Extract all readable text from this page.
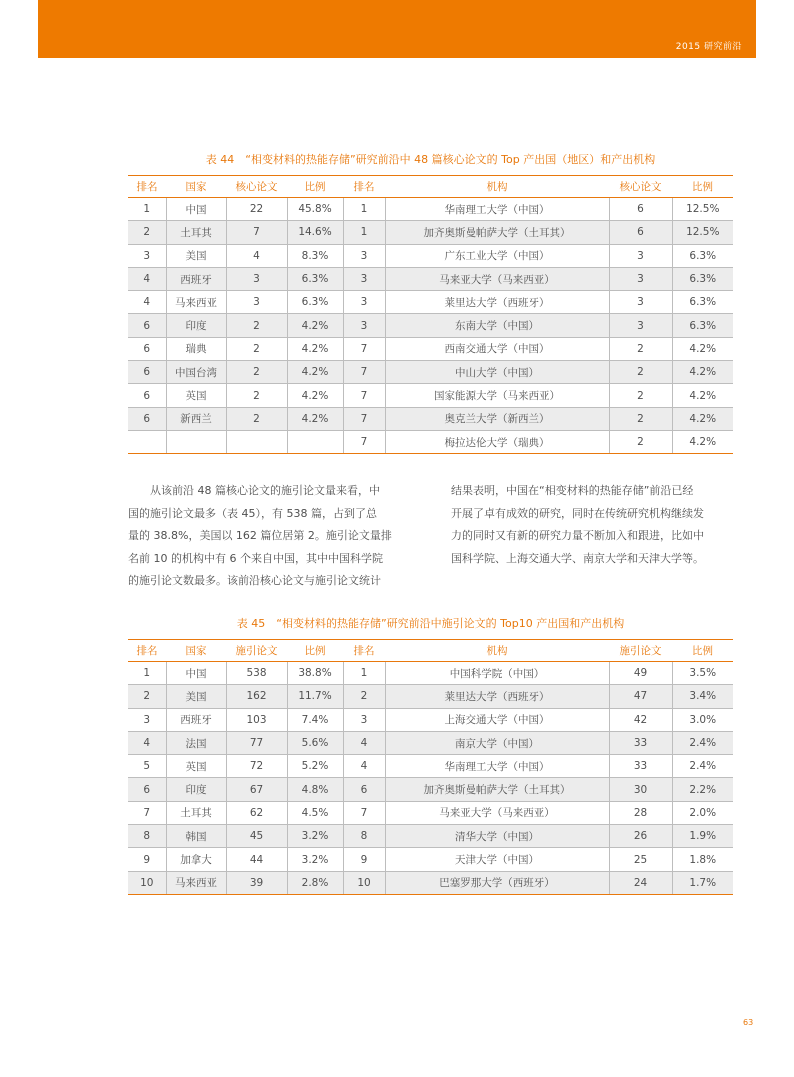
2015 研究前沿
表 44　“相变材料的热能存储”研究前沿中 48 篇核心论文的 Top 产出国（地区）和产出机构
排名	国家	核心论文	比例	排名	机构	核心论文	比例
1	中国	22	45.8%	1	华南理工大学（中国）	6	12.5%
2	土耳其	7	14.6%	1	加齐奥斯曼帕萨大学（土耳其）	6	12.5%
3	美国	4	8.3%	3	广东工业大学（中国）	3	6.3%
4	西班牙	3	6.3%	3	马来亚大学（马来西亚）	3	6.3%
4	马来西亚	3	6.3%	3	莱里达大学（西班牙）	3	6.3%
6	印度	2	4.2%	3	东南大学（中国）	3	6.3%
6	瑞典	2	4.2%	7	西南交通大学（中国）	2	4.2%
6	中国台湾	2	4.2%	7	中山大学（中国）	2	4.2%
6	英国	2	4.2%	7	国家能源大学（马来西亚）	2	4.2%
6	新西兰	2	4.2%	7	奥克兰大学（新西兰）	2	4.2%
				7	梅拉达伦大学（瑞典）	2	4.2%
　　从该前沿 48 篇核心论文的施引论文量来看，中
国的施引论文最多（表 45），有 538 篇，占到了总
量的 38.8%，美国以 162 篇位居第 2。施引论文量排
名前 10 的机构中有 6 个来自中国，其中中国科学院
的施引论文数最多。该前沿核心论文与施引论文统计
结果表明，中国在“相变材料的热能存储”前沿已经
开展了卓有成效的研究，同时在传统研究机构继续发
力的同时又有新的研究力量不断加入和跟进，比如中
国科学院、上海交通大学、南京大学和天津大学等。
表 45　“相变材料的热能存储”研究前沿中施引论文的 Top10 产出国和产出机构
排名	国家	施引论文	比例	排名	机构	施引论文	比例
1	中国	538	38.8%	1	中国科学院（中国）	49	3.5%
2	美国	162	11.7%	2	莱里达大学（西班牙）	47	3.4%
3	西班牙	103	7.4%	3	上海交通大学（中国）	42	3.0%
4	法国	77	5.6%	4	南京大学（中国）	33	2.4%
5	英国	72	5.2%	4	华南理工大学（中国）	33	2.4%
6	印度	67	4.8%	6	加齐奥斯曼帕萨大学（土耳其）	30	2.2%
7	土耳其	62	4.5%	7	马来亚大学（马来西亚）	28	2.0%
8	韩国	45	3.2%	8	清华大学（中国）	26	1.9%
9	加拿大	44	3.2%	9	天津大学（中国）	25	1.8%
10	马来西亚	39	2.8%	10	巴塞罗那大学（西班牙）	24	1.7%
63
